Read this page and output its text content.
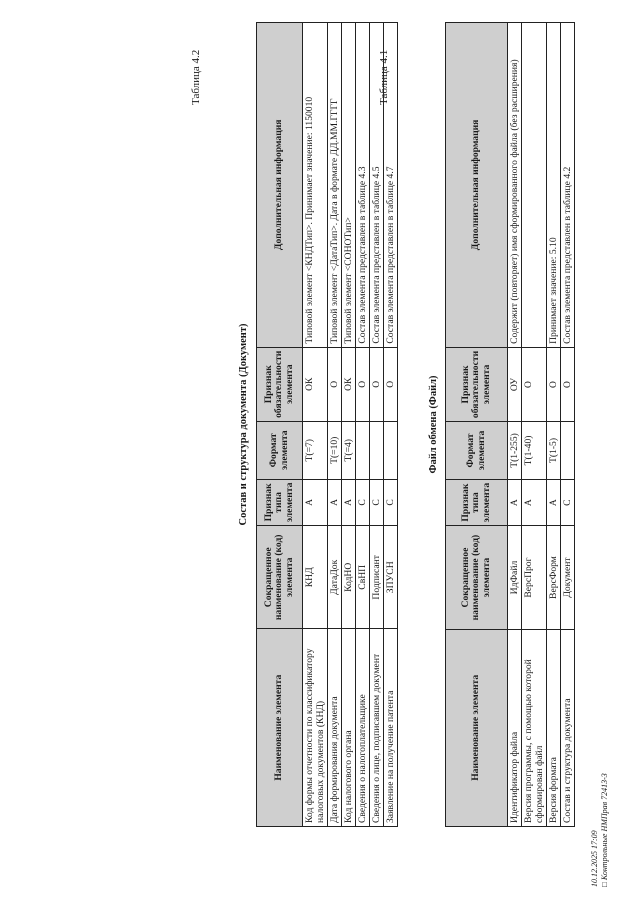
Таблица 4.1
Файл обмена (Файл)
Наименование элемента	Сокращенное наименование (код) элемента	Признак типа элемента	Формат элемента	Признак обязательности элемента	Дополнительная информация
Идентификатор файла	ИдФайл	А	T(1-255)	ОУ	Содержит (повторяет) имя сформированного файла (без расширения)
Версия программы, с помощью которой сформирован файл	ВерсПрог	А	T(1-40)	О	
Версия формата	ВерсФорм	А	T(1-5)	О	Принимает значение: 5.10
Состав и структура документа	Документ	С		О	Состав элемента представлен в таблице 4.2
Таблица 4.2
Состав и структура документа (Документ)
Наименование элемента	Сокращенное наименование (код) элемента	Признак типа элемента	Формат элемента	Признак обязательности элемента	Дополнительная информация
Код формы отчетности по классификатору налоговых документов (КНД)	КНД	А	T(=7)	ОК	Типовой элемент <КНДТип>. Принимает значение: 1150010
Дата формирования документа	ДатаДок	А	T(=10)	О	Типовой элемент <ДатаТип>. Дата в формате ДД.ММ.ГГГГ
Код налогового органа	КодНО	А	T(=4)	ОК	Типовой элемент <СОНОТип>
Сведения о налогоплательщике	СвНП	С		О	Состав элемента представлен в таблице 4.3
Сведения о лице, подписавшем документ	Подписант	С		О	Состав элемента представлен в таблице 4.5
Заявление на получение патента	ЗПУСН	С		О	Состав элемента представлен в таблице 4.7
10.12.2025 17:09 □ Контрольные НМПрав 72413-3
